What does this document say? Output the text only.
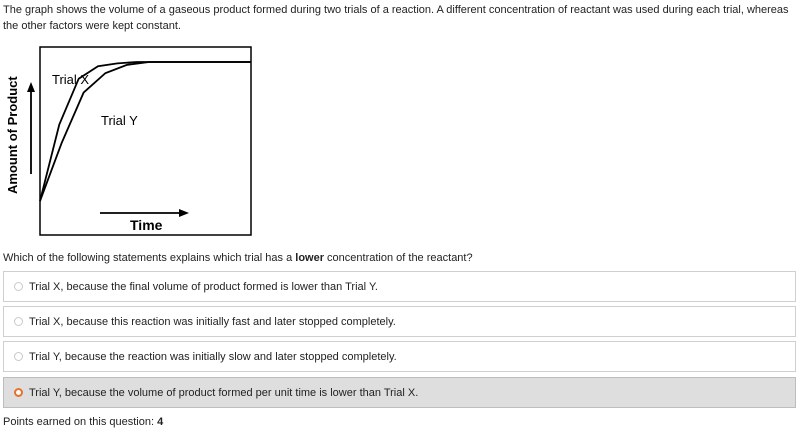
The graph shows the volume of a gaseous product formed during two trials of a reaction. A different concentration of reactant was used during each trial, whereas the other factors were kept constant.

Amount of Product
Time
Trial X
Trial Y

Which of the following statements explains which trial has a lower concentration of the reactant?

Trial X, because the final volume of product formed is lower than Trial Y.
Trial X, because this reaction was initially fast and later stopped completely.
Trial Y, because the reaction was initially slow and later stopped completely.
Trial Y, because the volume of product formed per unit time is lower than Trial X.

Points earned on this question: 4
